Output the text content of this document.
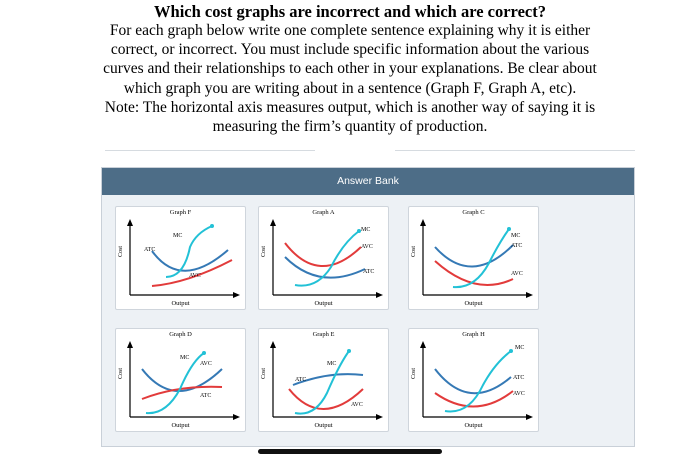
Which cost graphs are incorrect and which are correct?

For each graph below write one complete sentence explaining why it is either

correct, or incorrect. You must include specific information about the various

curves and their relationships to each other in your explanations. Be clear about

which graph you are writing about in a sentence (Graph F, Graph A, etc).

Note: The horizontal axis measures output, which is another way of saying it is

measuring the firm’s quantity of production.

Answer Bank
Graph F
Cost
Output
MC
ATC
AVC
Graph A
Cost
Output
MC
AVC
ATC
Graph C
Cost
Output
MC
ATC
AVC
Graph D
Cost
Output
MC
AVC
ATC
Graph E
Cost
Output
MC
ATC
AVC
Graph H
Cost
Output
MC
ATC
AVC
